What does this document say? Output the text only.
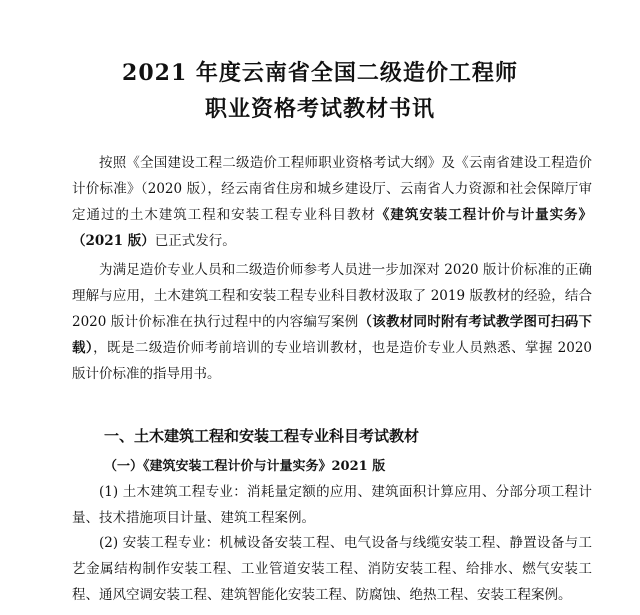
2021 年度云南省全国二级造价工程师
职业资格考试教材书讯
按照《全国建设工程二级造价工程师职业资格考试大纲》及《云南省建设工程造价计价标准》（2020 版），经云南省住房和城乡建设厅、云南省人力资源和社会保障厅审定通过的土木建筑工程和安装工程专业科目教材《建筑安装工程计价与计量实务》（2021 版）已正式发行。
为满足造价专业人员和二级造价师参考人员进一步加深对 2020 版计价标准的正确理解与应用，土木建筑工程和安装工程专业科目教材汲取了 2019 版教材的经验，结合 2020 版计价标准在执行过程中的内容编写案例（该教材同时附有考试教学图可扫码下载），既是二级造价师考前培训的专业培训教材，也是造价专业人员熟悉、掌握 2020 版计价标准的指导用书。
一、土木建筑工程和安装工程专业科目考试教材
（一）《建筑安装工程计价与计量实务》2021 版
(1) 土木建筑工程专业：消耗量定额的应用、建筑面积计算应用、分部分项工程计量、技术措施项目计量、建筑工程案例。
(2) 安装工程专业：机械设备安装工程、电气设备与线缆安装工程、静置设备与工艺金属结构制作安装工程、工业管道安装工程、消防安装工程、给排水、燃气安装工程、通风空调安装工程、建筑智能化安装工程、防腐蚀、绝热工程、安装工程案例。
